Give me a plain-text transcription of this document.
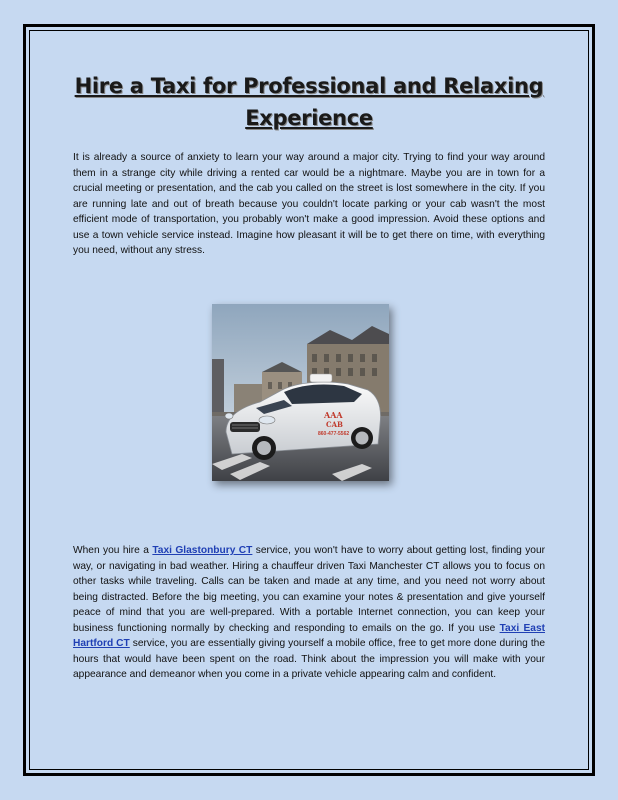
Hire a Taxi for Professional and Relaxing Experience

It is already a source of anxiety to learn your way around a major city. Trying to find your way around them in a strange city while driving a rented car would be a nightmare. Maybe you are in town for a crucial meeting or presentation, and the cab you called on the street is lost somewhere in the city. If you are running late and out of breath because you couldn't locate parking or your cab wasn't the most efficient mode of transportation, you probably won't make a good impression. Avoid these options and use a town vehicle service instead. Imagine how pleasant it will be to get there on time, with everything you need, without any stress.

AAA
CAB
860-477-5562

When you hire a Taxi Glastonbury CT service, you won't have to worry about getting lost, finding your way, or navigating in bad weather. Hiring a chauffeur driven Taxi Manchester CT allows you to focus on other tasks while traveling. Calls can be taken and made at any time, and you need not worry about being distracted. Before the big meeting, you can examine your notes & presentation and give yourself peace of mind that you are well-prepared. With a portable Internet connection, you can keep your business functioning normally by checking and responding to emails on the go. If you use Taxi East Hartford CT service, you are essentially giving yourself a mobile office, free to get more done during the hours that would have been spent on the road. Think about the impression you will make with your appearance and demeanor when you come in a private vehicle appearing calm and confident.
